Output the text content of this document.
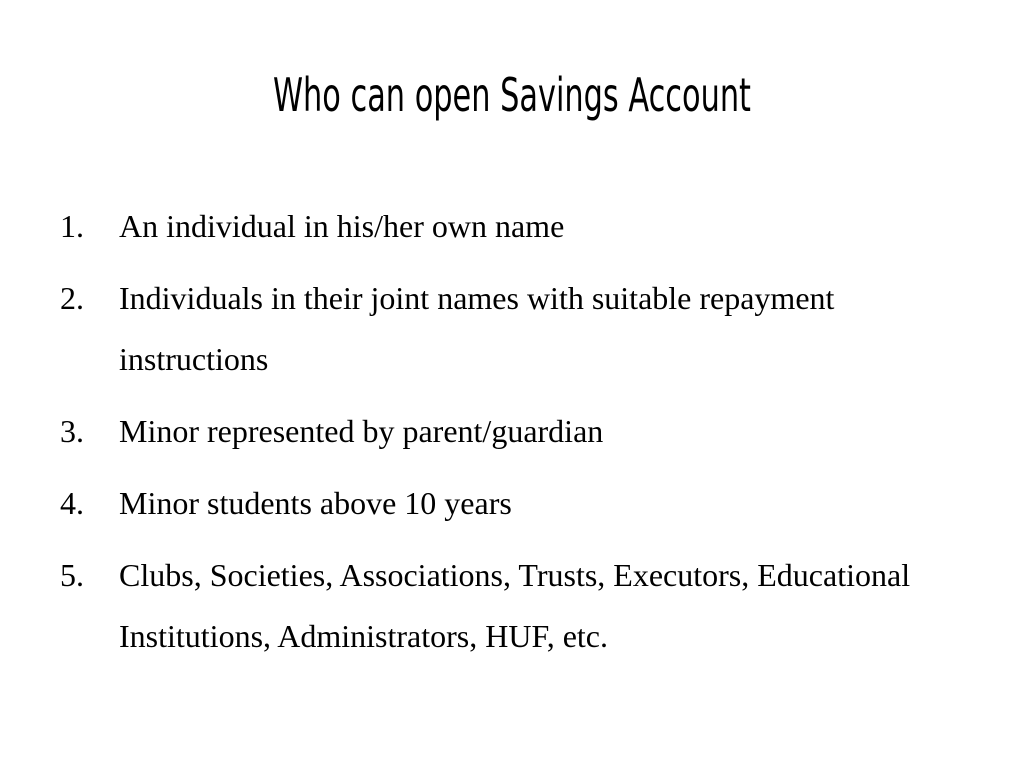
Who can open Savings Account
1. An individual in his/her own name
2. Individuals in their joint names with suitable repayment instructions
3. Minor represented by parent/guardian
4. Minor students above 10 years
5. Clubs, Societies, Associations, Trusts, Executors, Educational Institutions, Administrators, HUF, etc.
